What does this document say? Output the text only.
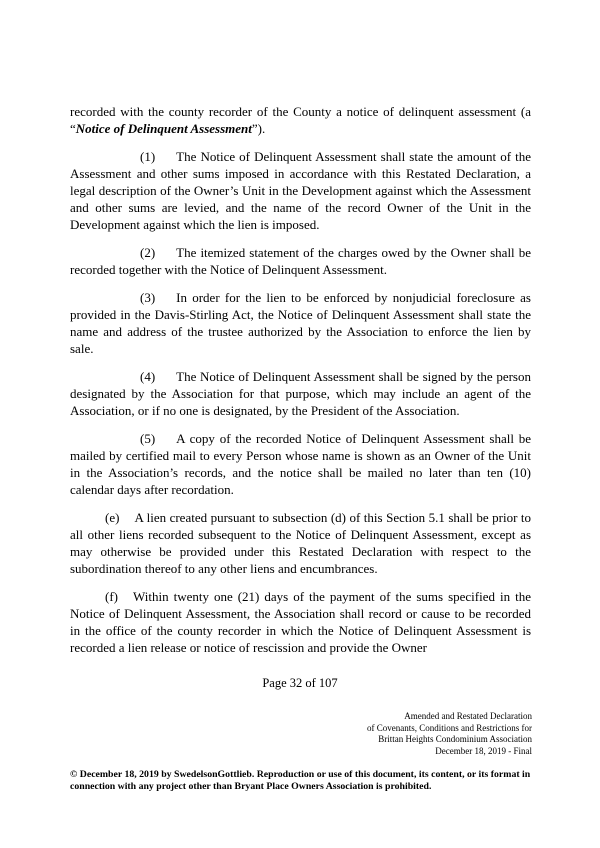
recorded with the county recorder of the County a notice of delinquent assessment (a “Notice of Delinquent Assessment”).

(1) The Notice of Delinquent Assessment shall state the amount of the Assessment and other sums imposed in accordance with this Restated Declaration, a legal description of the Owner’s Unit in the Development against which the Assessment and other sums are levied, and the name of the record Owner of the Unit in the Development against which the lien is imposed.

(2) The itemized statement of the charges owed by the Owner shall be recorded together with the Notice of Delinquent Assessment.

(3) In order for the lien to be enforced by nonjudicial foreclosure as provided in the Davis-Stirling Act, the Notice of Delinquent Assessment shall state the name and address of the trustee authorized by the Association to enforce the lien by sale.

(4) The Notice of Delinquent Assessment shall be signed by the person designated by the Association for that purpose, which may include an agent of the Association, or if no one is designated, by the President of the Association.

(5) A copy of the recorded Notice of Delinquent Assessment shall be mailed by certified mail to every Person whose name is shown as an Owner of the Unit in the Association’s records, and the notice shall be mailed no later than ten (10) calendar days after recordation.

(e) A lien created pursuant to subsection (d) of this Section 5.1 shall be prior to all other liens recorded subsequent to the Notice of Delinquent Assessment, except as may otherwise be provided under this Restated Declaration with respect to the subordination thereof to any other liens and encumbrances.

(f) Within twenty one (21) days of the payment of the sums specified in the Notice of Delinquent Assessment, the Association shall record or cause to be recorded in the office of the county recorder in which the Notice of Delinquent Assessment is recorded a lien release or notice of rescission and provide the Owner

Page 32 of 107
Amended and Restated Declaration
of Covenants, Conditions and Restrictions for
Brittan Heights Condominium Association
December 18, 2019 - Final
© December 18, 2019 by SwedelsonGottlieb. Reproduction or use of this document, its content, or its format in connection with any project other than Bryant Place Owners Association is prohibited.
